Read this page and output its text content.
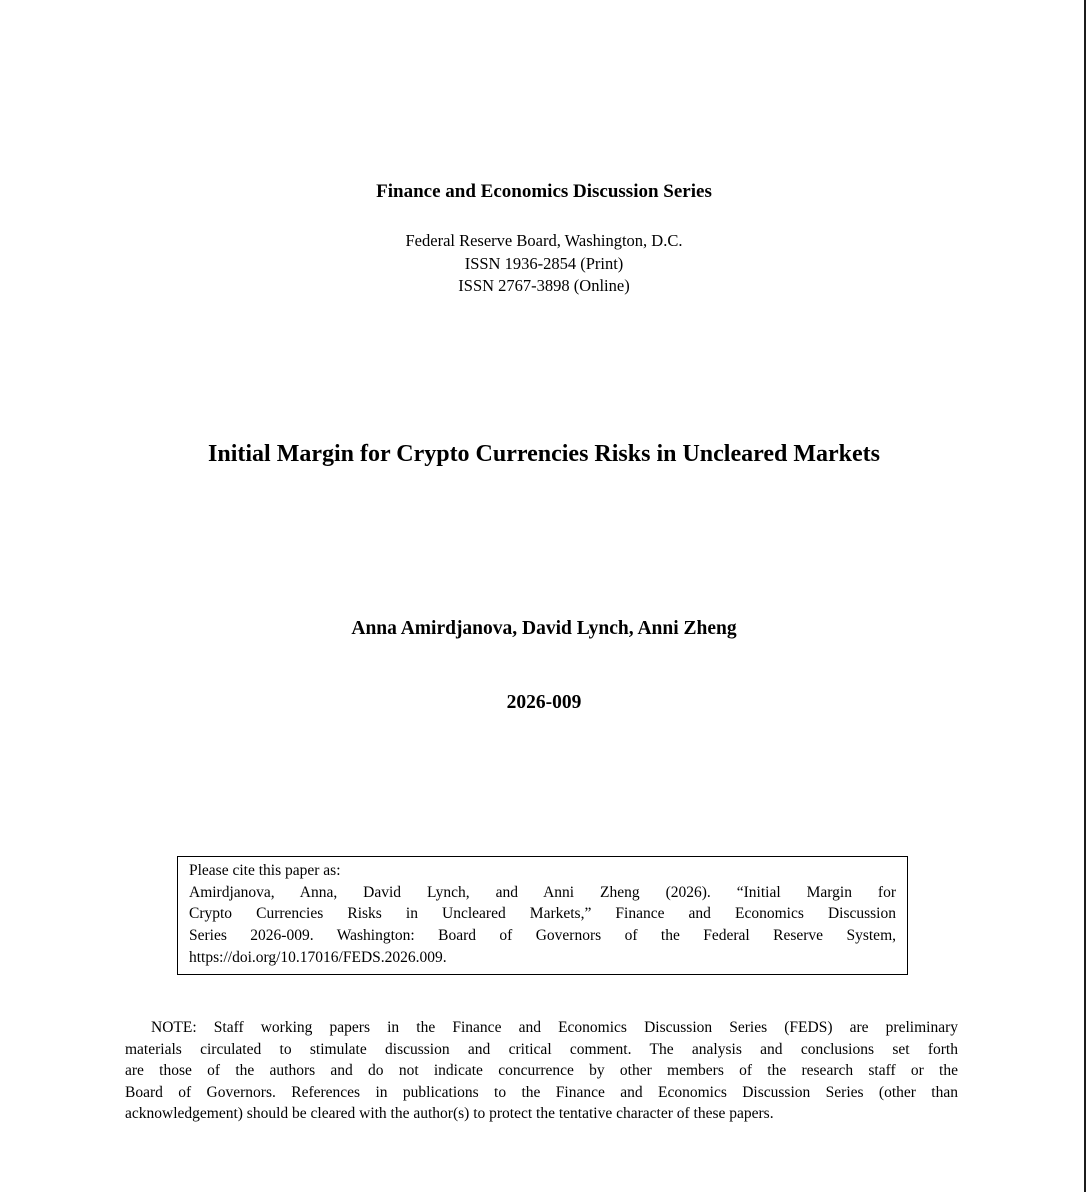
Finance and Economics Discussion Series
Federal Reserve Board, Washington, D.C.
ISSN 1936-2854 (Print)
ISSN 2767-3898 (Online)
Initial Margin for Crypto Currencies Risks in Uncleared Markets
Anna Amirdjanova, David Lynch, Anni Zheng
2026-009
Please cite this paper as:
Amirdjanova, Anna, David Lynch, and Anni Zheng (2026). “Initial Margin for
Crypto Currencies Risks in Uncleared Markets,” Finance and Economics Discussion
Series 2026-009. Washington: Board of Governors of the Federal Reserve System,
https://doi.org/10.17016/FEDS.2026.009.
NOTE: Staff working papers in the Finance and Economics Discussion Series (FEDS) are preliminary
materials circulated to stimulate discussion and critical comment. The analysis and conclusions set forth
are those of the authors and do not indicate concurrence by other members of the research staff or the
Board of Governors. References in publications to the Finance and Economics Discussion Series (other than
acknowledgement) should be cleared with the author(s) to protect the tentative character of these papers.
